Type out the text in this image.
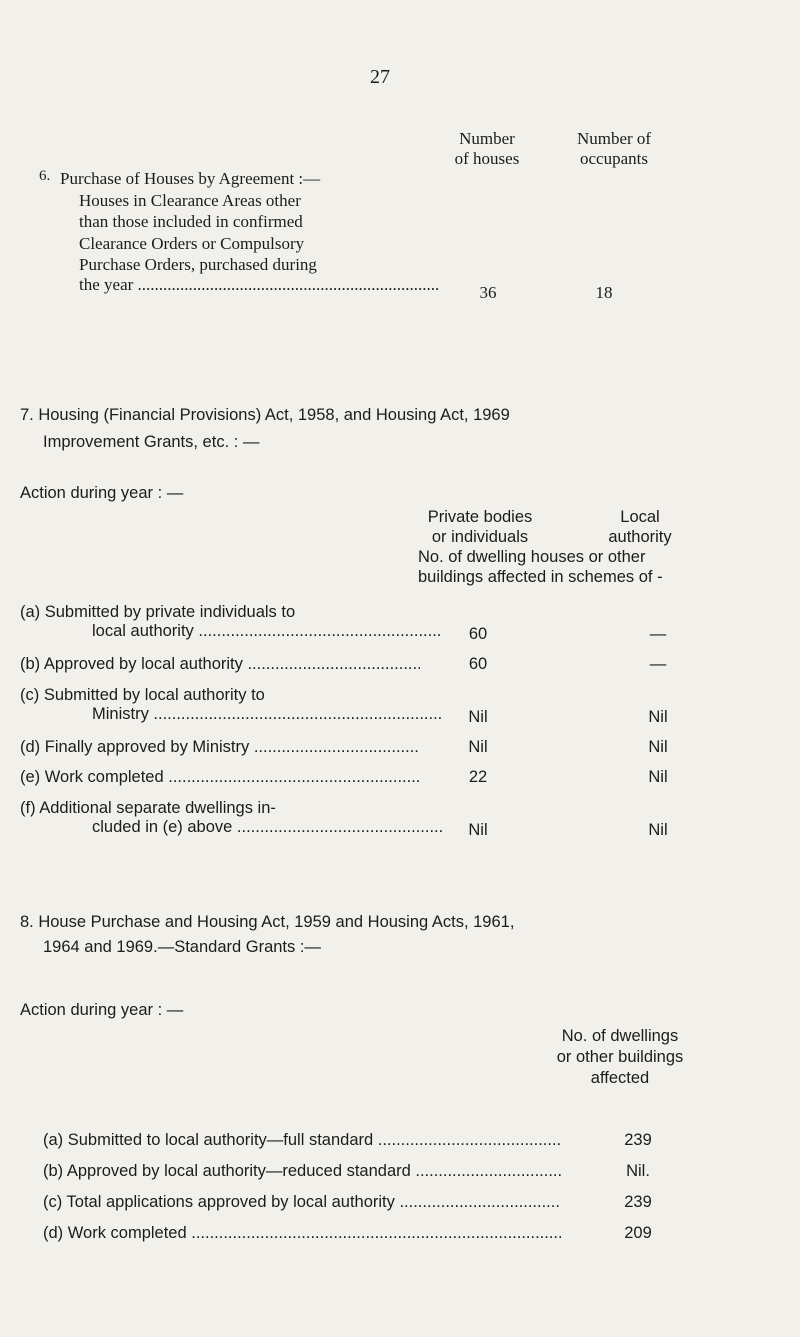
27
Number
of houses
Number of
occupants
6. Purchase of Houses by Agreement :—
Houses in Clearance Areas other
than those included in confirmed
Clearance Orders or Compulsory
Purchase Orders, purchased during
the year .....	36	18
7. Housing (Financial Provisions) Act, 1958, and Housing Act, 1969
Improvement Grants, etc. : —
Action during year : —
Private bodies
or individuals
Local
authority
No. of dwelling houses or other
buildings affected in schemes of -
(a) Submitted by private individuals to
local authority .....	60	—
(b) Approved by local authority .....	60	—
(c) Submitted by local authority to
Ministry .....	Nil	Nil
(d) Finally approved by Ministry .....	Nil	Nil
(e) Work completed .....	22	Nil
(f) Additional separate dwellings in-
cluded in (e) above .....	Nil	Nil
8. House Purchase and Housing Act, 1959 and Housing Acts, 1961,
1964 and 1969.—Standard Grants :—
Action during year : —
No. of dwellings
or other buildings
affected
(a) Submitted to local authority—full standard .....	239
(b) Approved by local authority—reduced standard .....	Nil.
(c) Total applications approved by local authority .....	239
(d) Work completed .....	209
